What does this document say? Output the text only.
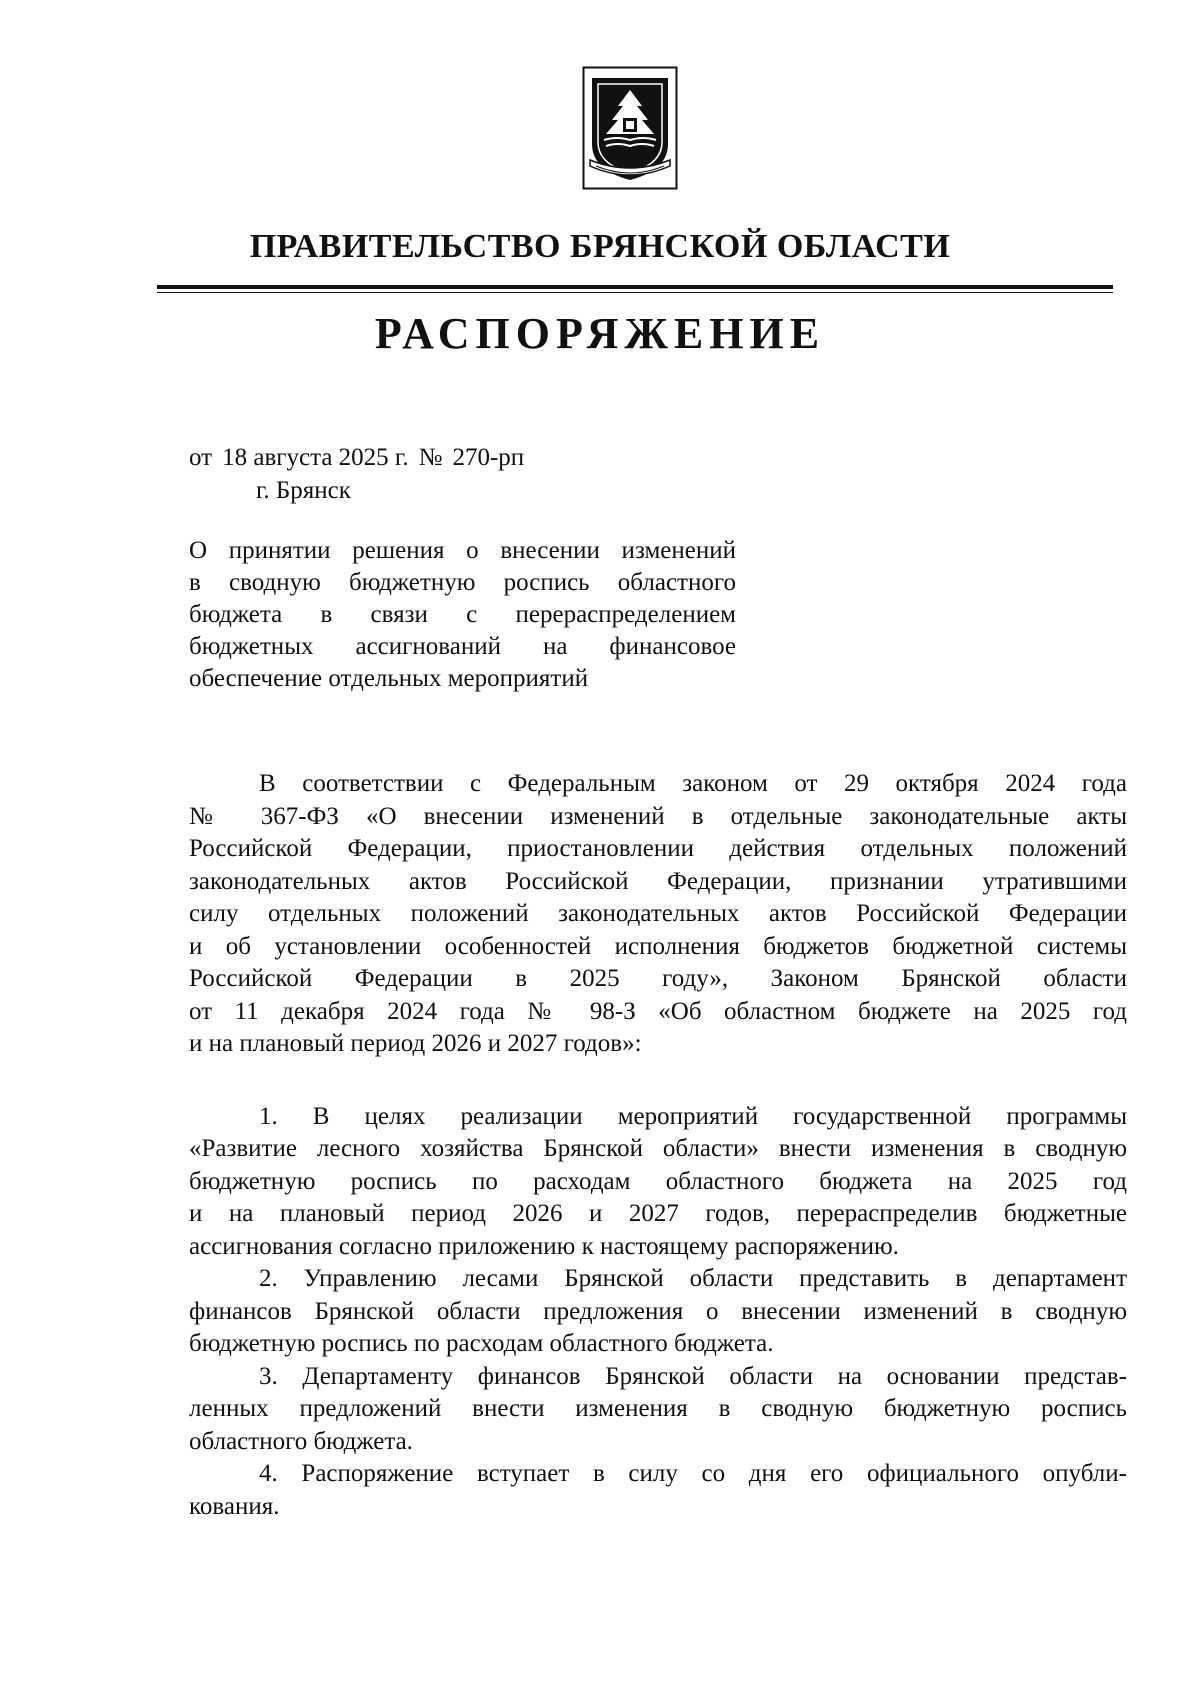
ПРАВИТЕЛЬСТВО БРЯНСКОЙ ОБЛАСТИ
РАСПОРЯЖЕНИЕ
от 18 августа 2025 г. № 270-рп
г. Брянск
О принятии решения о внесении изменений
в сводную бюджетную роспись областного
бюджета в связи с перераспределением
бюджетных ассигнований на финансовое
обеспечение отдельных мероприятий
В соответствии с Федеральным законом от 29 октября 2024 года
№ 367-ФЗ «О внесении изменений в отдельные законодательные акты
Российской Федерации, приостановлении действия отдельных положений
законодательных актов Российской Федерации, признании утратившими
силу отдельных положений законодательных актов Российской Федерации
и об установлении особенностей исполнения бюджетов бюджетной системы
Российской Федерации в 2025 году», Законом Брянской области
от 11 декабря 2024 года № 98-З «Об областном бюджете на 2025 год
и на плановый период 2026 и 2027 годов»:
1. В целях реализации мероприятий государственной программы
«Развитие лесного хозяйства Брянской области» внести изменения в сводную
бюджетную роспись по расходам областного бюджета на 2025 год
и на плановый период 2026 и 2027 годов, перераспределив бюджетные
ассигнования согласно приложению к настоящему распоряжению.
2. Управлению лесами Брянской области представить в департамент
финансов Брянской области предложения о внесении изменений в сводную
бюджетную роспись по расходам областного бюджета.
3. Департаменту финансов Брянской области на основании представ-
ленных предложений внести изменения в сводную бюджетную роспись
областного бюджета.
4. Распоряжение вступает в силу со дня его официального опубли-
кования.
